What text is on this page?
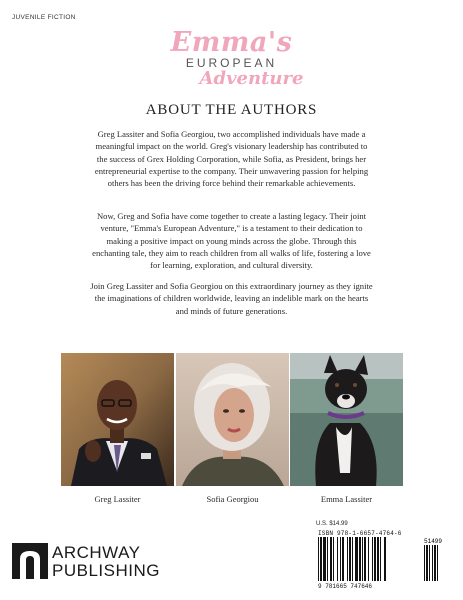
JUVENILE FICTION
Emma's
EUROPEAN
Adventure
ABOUT THE AUTHORS

Greg Lassiter and Sofia Georgiou, two accomplished individuals have made a meaningful impact on the world. Greg's visionary leadership has contributed to the success of Grex Holding Corporation, while Sofia, as President, brings her entrepreneurial expertise to the company. Their unwavering passion for helping others has been the driving force behind their remarkable achievements.

Now, Greg and Sofia have come together to create a lasting legacy. Their joint venture, "Emma's European Adventure," is a testament to their dedication to making a positive impact on young minds across the globe. Through this enchanting tale, they aim to reach children from all walks of life, fostering a love for learning, exploration, and cultural diversity.

Join Greg Lassiter and Sofia Georgiou on this extraordinary journey as they ignite the imaginations of children worldwide, leaving an indelible mark on the hearts and minds of future generations.

Greg Lassiter	Sofia Georgiou	Emma Lassiter
ARCHWAY
PUBLISHING
U.S. $14.99
ISBN 978-1-6657-4764-6
51499
9 781665 747646
